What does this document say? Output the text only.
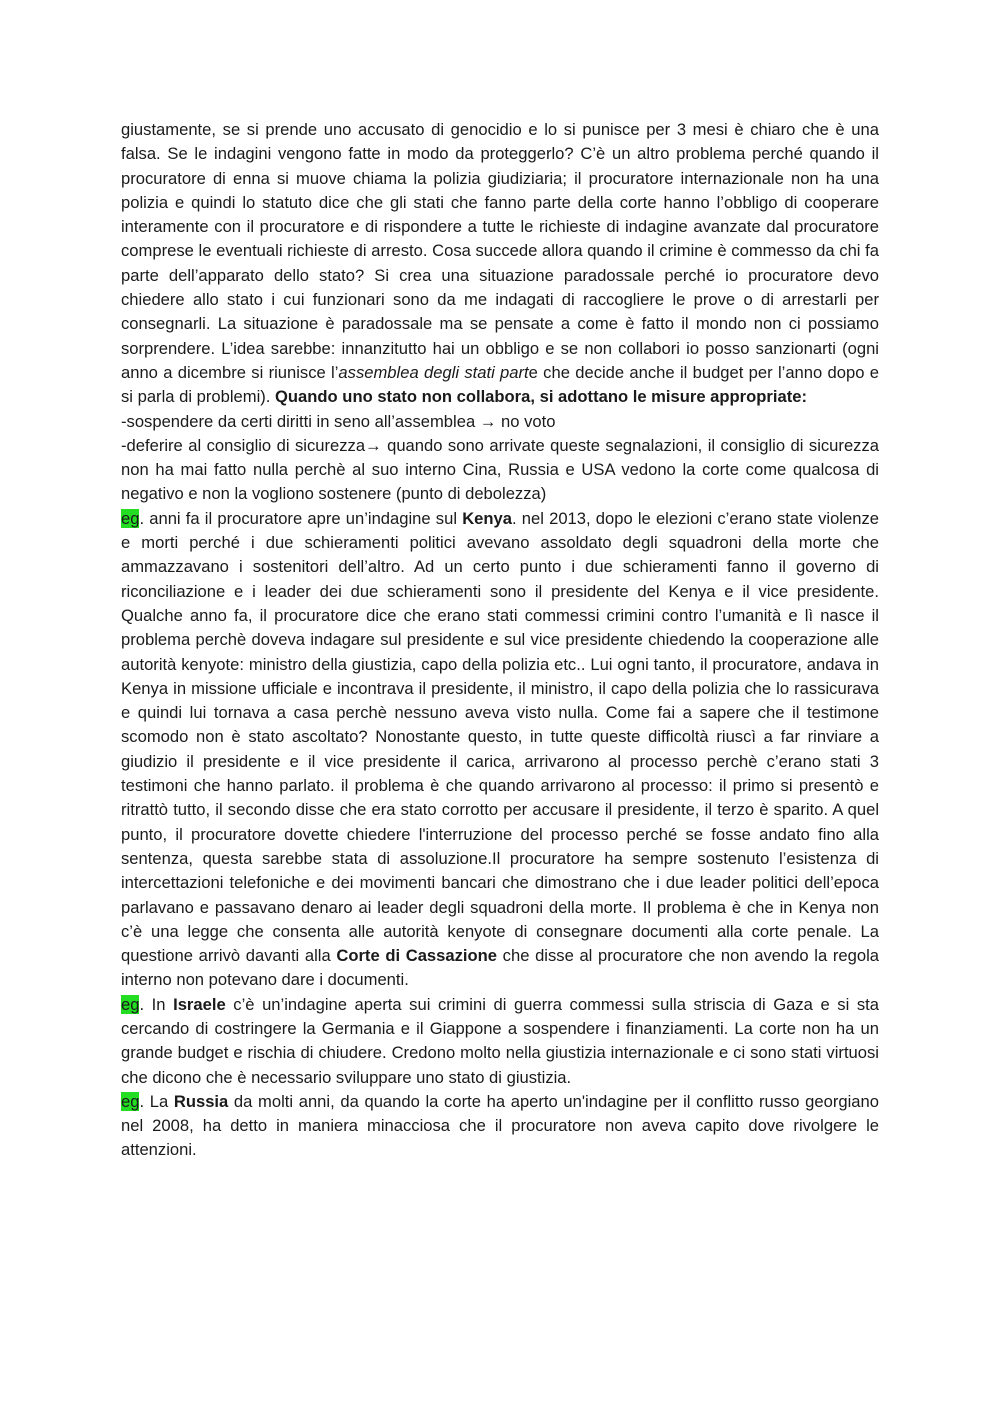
giustamente, se si prende uno accusato di genocidio e lo si punisce per 3 mesi è chiaro che è una falsa. Se le indagini vengono fatte in modo da proteggerlo? C’è un altro problema perché quando il procuratore di enna si muove chiama la polizia giudiziaria; il procuratore internazionale non ha una polizia e quindi lo statuto dice che gli stati che fanno parte della corte hanno l’obbligo di cooperare interamente con il procuratore e di rispondere a tutte le richieste di indagine avanzate dal procuratore comprese le eventuali richieste di arresto. Cosa succede allora quando il crimine è commesso da chi fa parte dell’apparato dello stato? Si crea una situazione paradossale perché io procuratore devo chiedere allo stato i cui funzionari sono da me indagati di raccogliere le prove o di arrestarli per consegnarli. La situazione è paradossale ma se pensate a come è fatto il mondo non ci possiamo sorprendere. L’idea sarebbe: innanzitutto hai un obbligo e se non collabori io posso sanzionarti (ogni anno a dicembre si riunisce l’assemblea degli stati parte che decide anche il budget per l’anno dopo e si parla di problemi). Quando uno stato non collabora, si adottano le misure appropriate:

-sospendere da certi diritti in seno all’assemblea → no voto

-deferire al consiglio di sicurezza→ quando sono arrivate queste segnalazioni, il consiglio di sicurezza non ha mai fatto nulla perchè al suo interno Cina, Russia e USA vedono la corte come qualcosa di negativo e non la vogliono sostenere (punto di debolezza)

eg. anni fa il procuratore apre un’indagine sul Kenya. nel 2013, dopo le elezioni c’erano state violenze e morti perché i due schieramenti politici avevano assoldato degli squadroni della morte che ammazzavano i sostenitori dell’altro. Ad un certo punto i due schieramenti fanno il governo di riconciliazione e i leader dei due schieramenti sono il presidente del Kenya e il vice presidente. Qualche anno fa, il procuratore dice che erano stati commessi crimini contro l’umanità e lì nasce il problema perchè doveva indagare sul presidente e sul vice presidente chiedendo la cooperazione alle autorità kenyote: ministro della giustizia, capo della polizia etc.. Lui ogni tanto, il procuratore, andava in Kenya in missione ufficiale e incontrava il presidente, il ministro, il capo della polizia che lo rassicurava e quindi lui tornava a casa perchè nessuno aveva visto nulla. Come fai a sapere che il testimone scomodo non è stato ascoltato? Nonostante questo, in tutte queste difficoltà riuscì a far rinviare a giudizio il presidente e il vice presidente il carica, arrivarono al processo perchè c’erano stati 3 testimoni che hanno parlato. il problema è che quando arrivarono al processo: il primo si presentò e ritrattò tutto, il secondo disse che era stato corrotto per accusare il presidente, il terzo è sparito. A quel punto, il procuratore dovette chiedere l'interruzione del processo perché se fosse andato fino alla sentenza, questa sarebbe stata di assoluzione.Il procuratore ha sempre sostenuto l’esistenza di intercettazioni telefoniche e dei movimenti bancari che dimostrano che i due leader politici dell’epoca parlavano e passavano denaro ai leader degli squadroni della morte. Il problema è che in Kenya non c’è una legge che consenta alle autorità kenyote di consegnare documenti alla corte penale. La questione arrivò davanti alla Corte di Cassazione che disse al procuratore che non avendo la regola interno non potevano dare i documenti.

eg. In Israele c’è un’indagine aperta sui crimini di guerra commessi sulla striscia di Gaza e si sta cercando di costringere la Germania e il Giappone a sospendere i finanziamenti. La corte non ha un grande budget e rischia di chiudere. Credono molto nella giustizia internazionale e ci sono stati virtuosi che dicono che è necessario sviluppare uno stato di giustizia.

eg. La Russia da molti anni, da quando la corte ha aperto un'indagine per il conflitto russo georgiano nel 2008, ha detto in maniera minacciosa che il procuratore non aveva capito dove rivolgere le attenzioni.
